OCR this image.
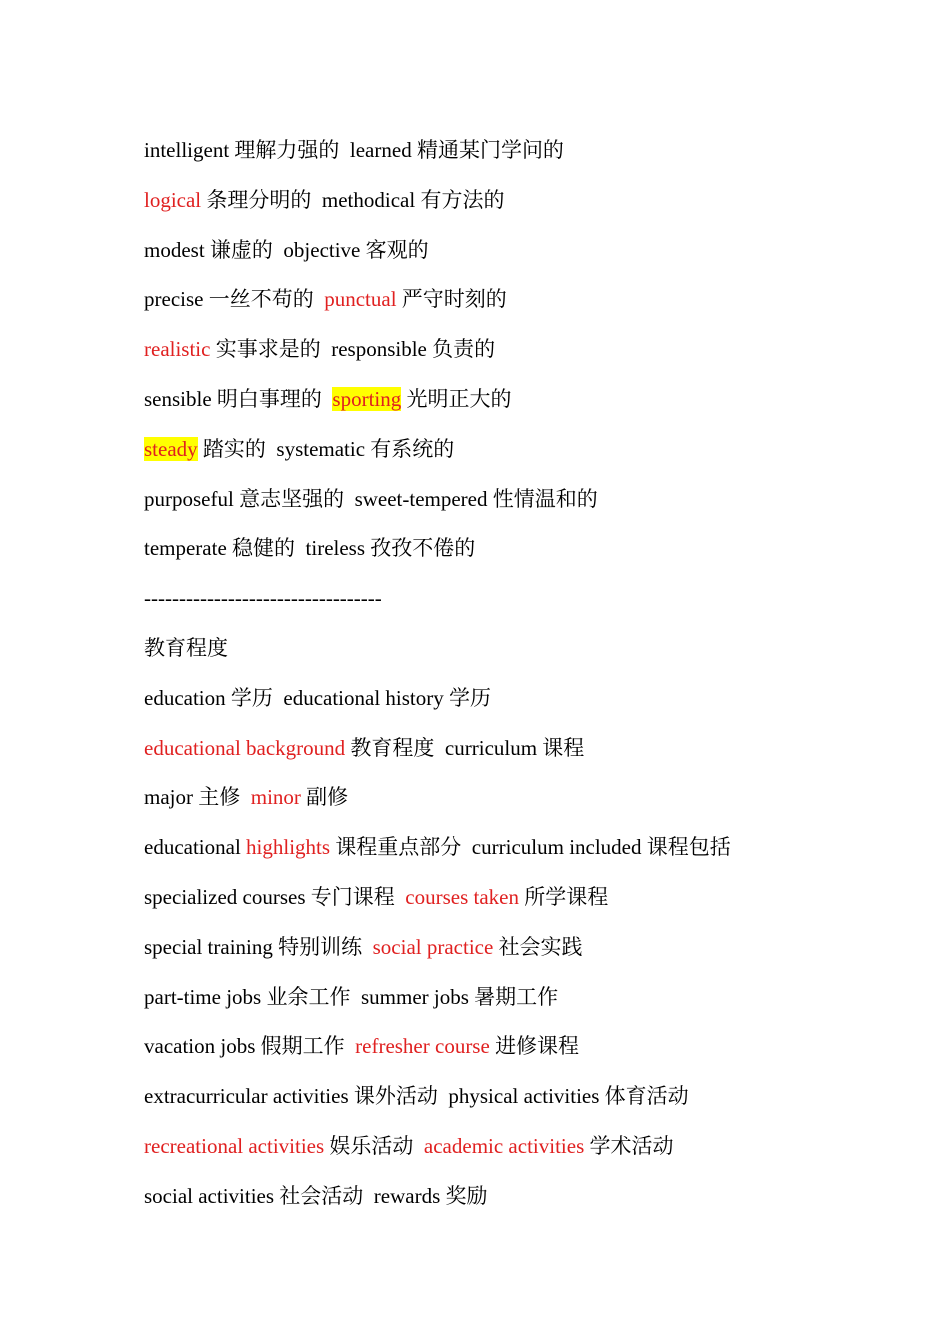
intelligent 理解力强的  learned 精通某门学问的
logical 条理分明的  methodical 有方法的
modest 谦虚的  objective 客观的
precise 一丝不苟的  punctual 严守时刻的
realistic 实事求是的  responsible 负责的
sensible 明白事理的  sporting 光明正大的
steady 踏实的  systematic 有系统的
purposeful 意志坚强的  sweet-tempered 性情温和的
temperate 稳健的  tireless 孜孜不倦的
----------------------------------
教育程度
education 学历  educational history 学历
educational background 教育程度  curriculum 课程
major 主修  minor 副修
educational highlights 课程重点部分  curriculum included 课程包括
specialized courses 专门课程  courses taken 所学课程
special training 特别训练  social practice 社会实践
part-time jobs 业余工作  summer jobs 暑期工作
vacation jobs 假期工作  refresher course 进修课程
extracurricular activities 课外活动  physical activities 体育活动
recreational activities 娱乐活动  academic activities 学术活动
social activities 社会活动  rewards 奖励
